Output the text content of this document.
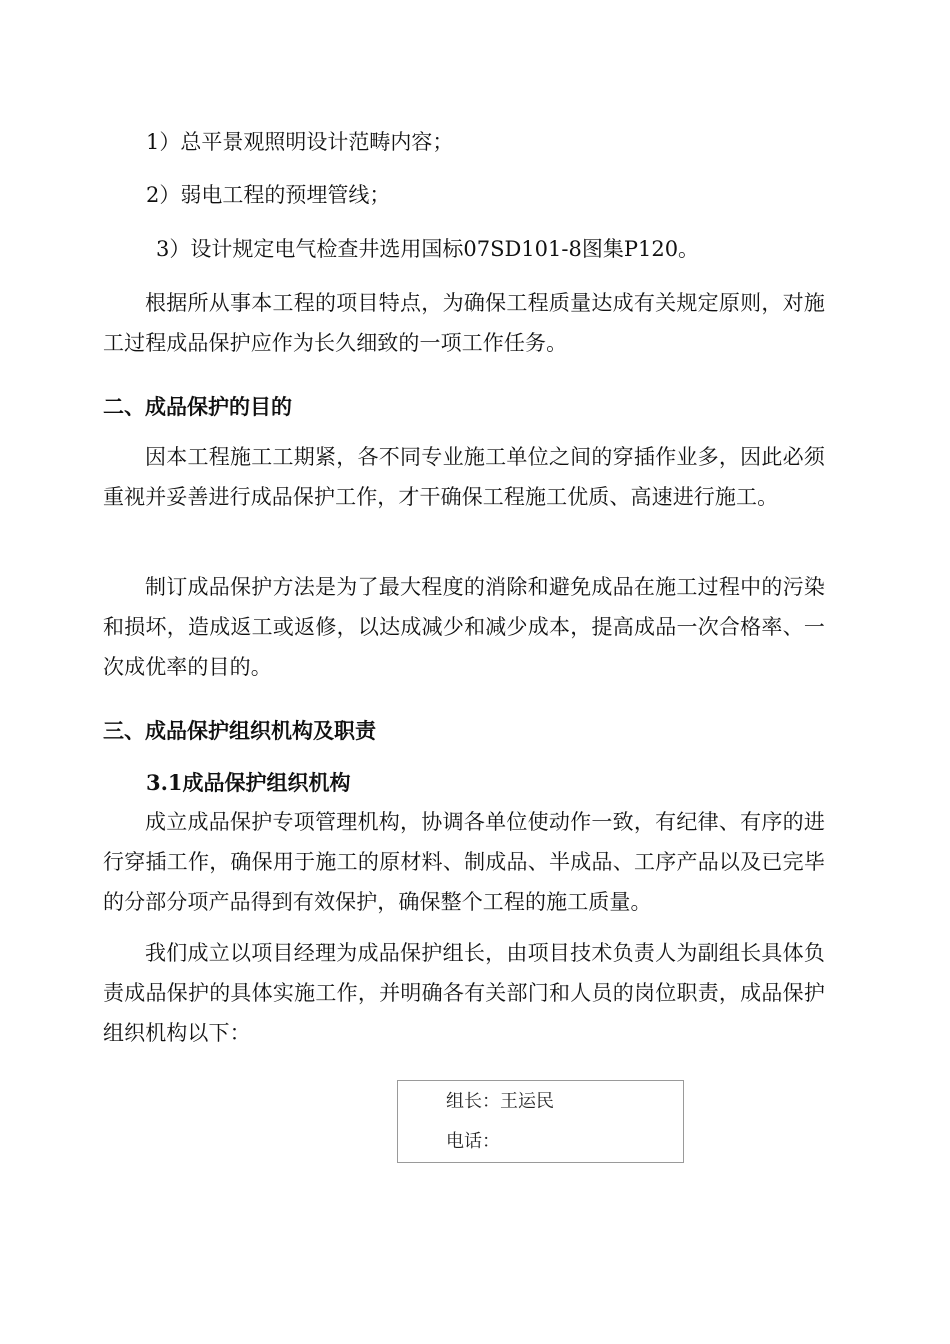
1）总平景观照明设计范畴内容；
2）弱电工程的预埋管线；
3）设计规定电气检查井选用国标07SD101-8图集P120。
根据所从事本工程的项目特点，为确保工程质量达成有关规定原则，对施工过程成品保护应作为长久细致的一项工作任务。
二、成品保护的目的
因本工程施工工期紧，各不同专业施工单位之间的穿插作业多，因此必须重视并妥善进行成品保护工作，才干确保工程施工优质、高速进行施工。
制订成品保护方法是为了最大程度的消除和避免成品在施工过程中的污染和损坏，造成返工或返修，以达成减少和减少成本，提高成品一次合格率、一次成优率的目的。
三、成品保护组织机构及职责
3.1成品保护组织机构
成立成品保护专项管理机构，协调各单位使动作一致，有纪律、有序的进行穿插工作，确保用于施工的原材料、制成品、半成品、工序产品以及已完毕的分部分项产品得到有效保护，确保整个工程的施工质量。
我们成立以项目经理为成品保护组长，由项目技术负责人为副组长具体负责成品保护的具体实施工作，并明确各有关部门和人员的岗位职责，成品保护组织机构以下：
组长：王运民
电话：
